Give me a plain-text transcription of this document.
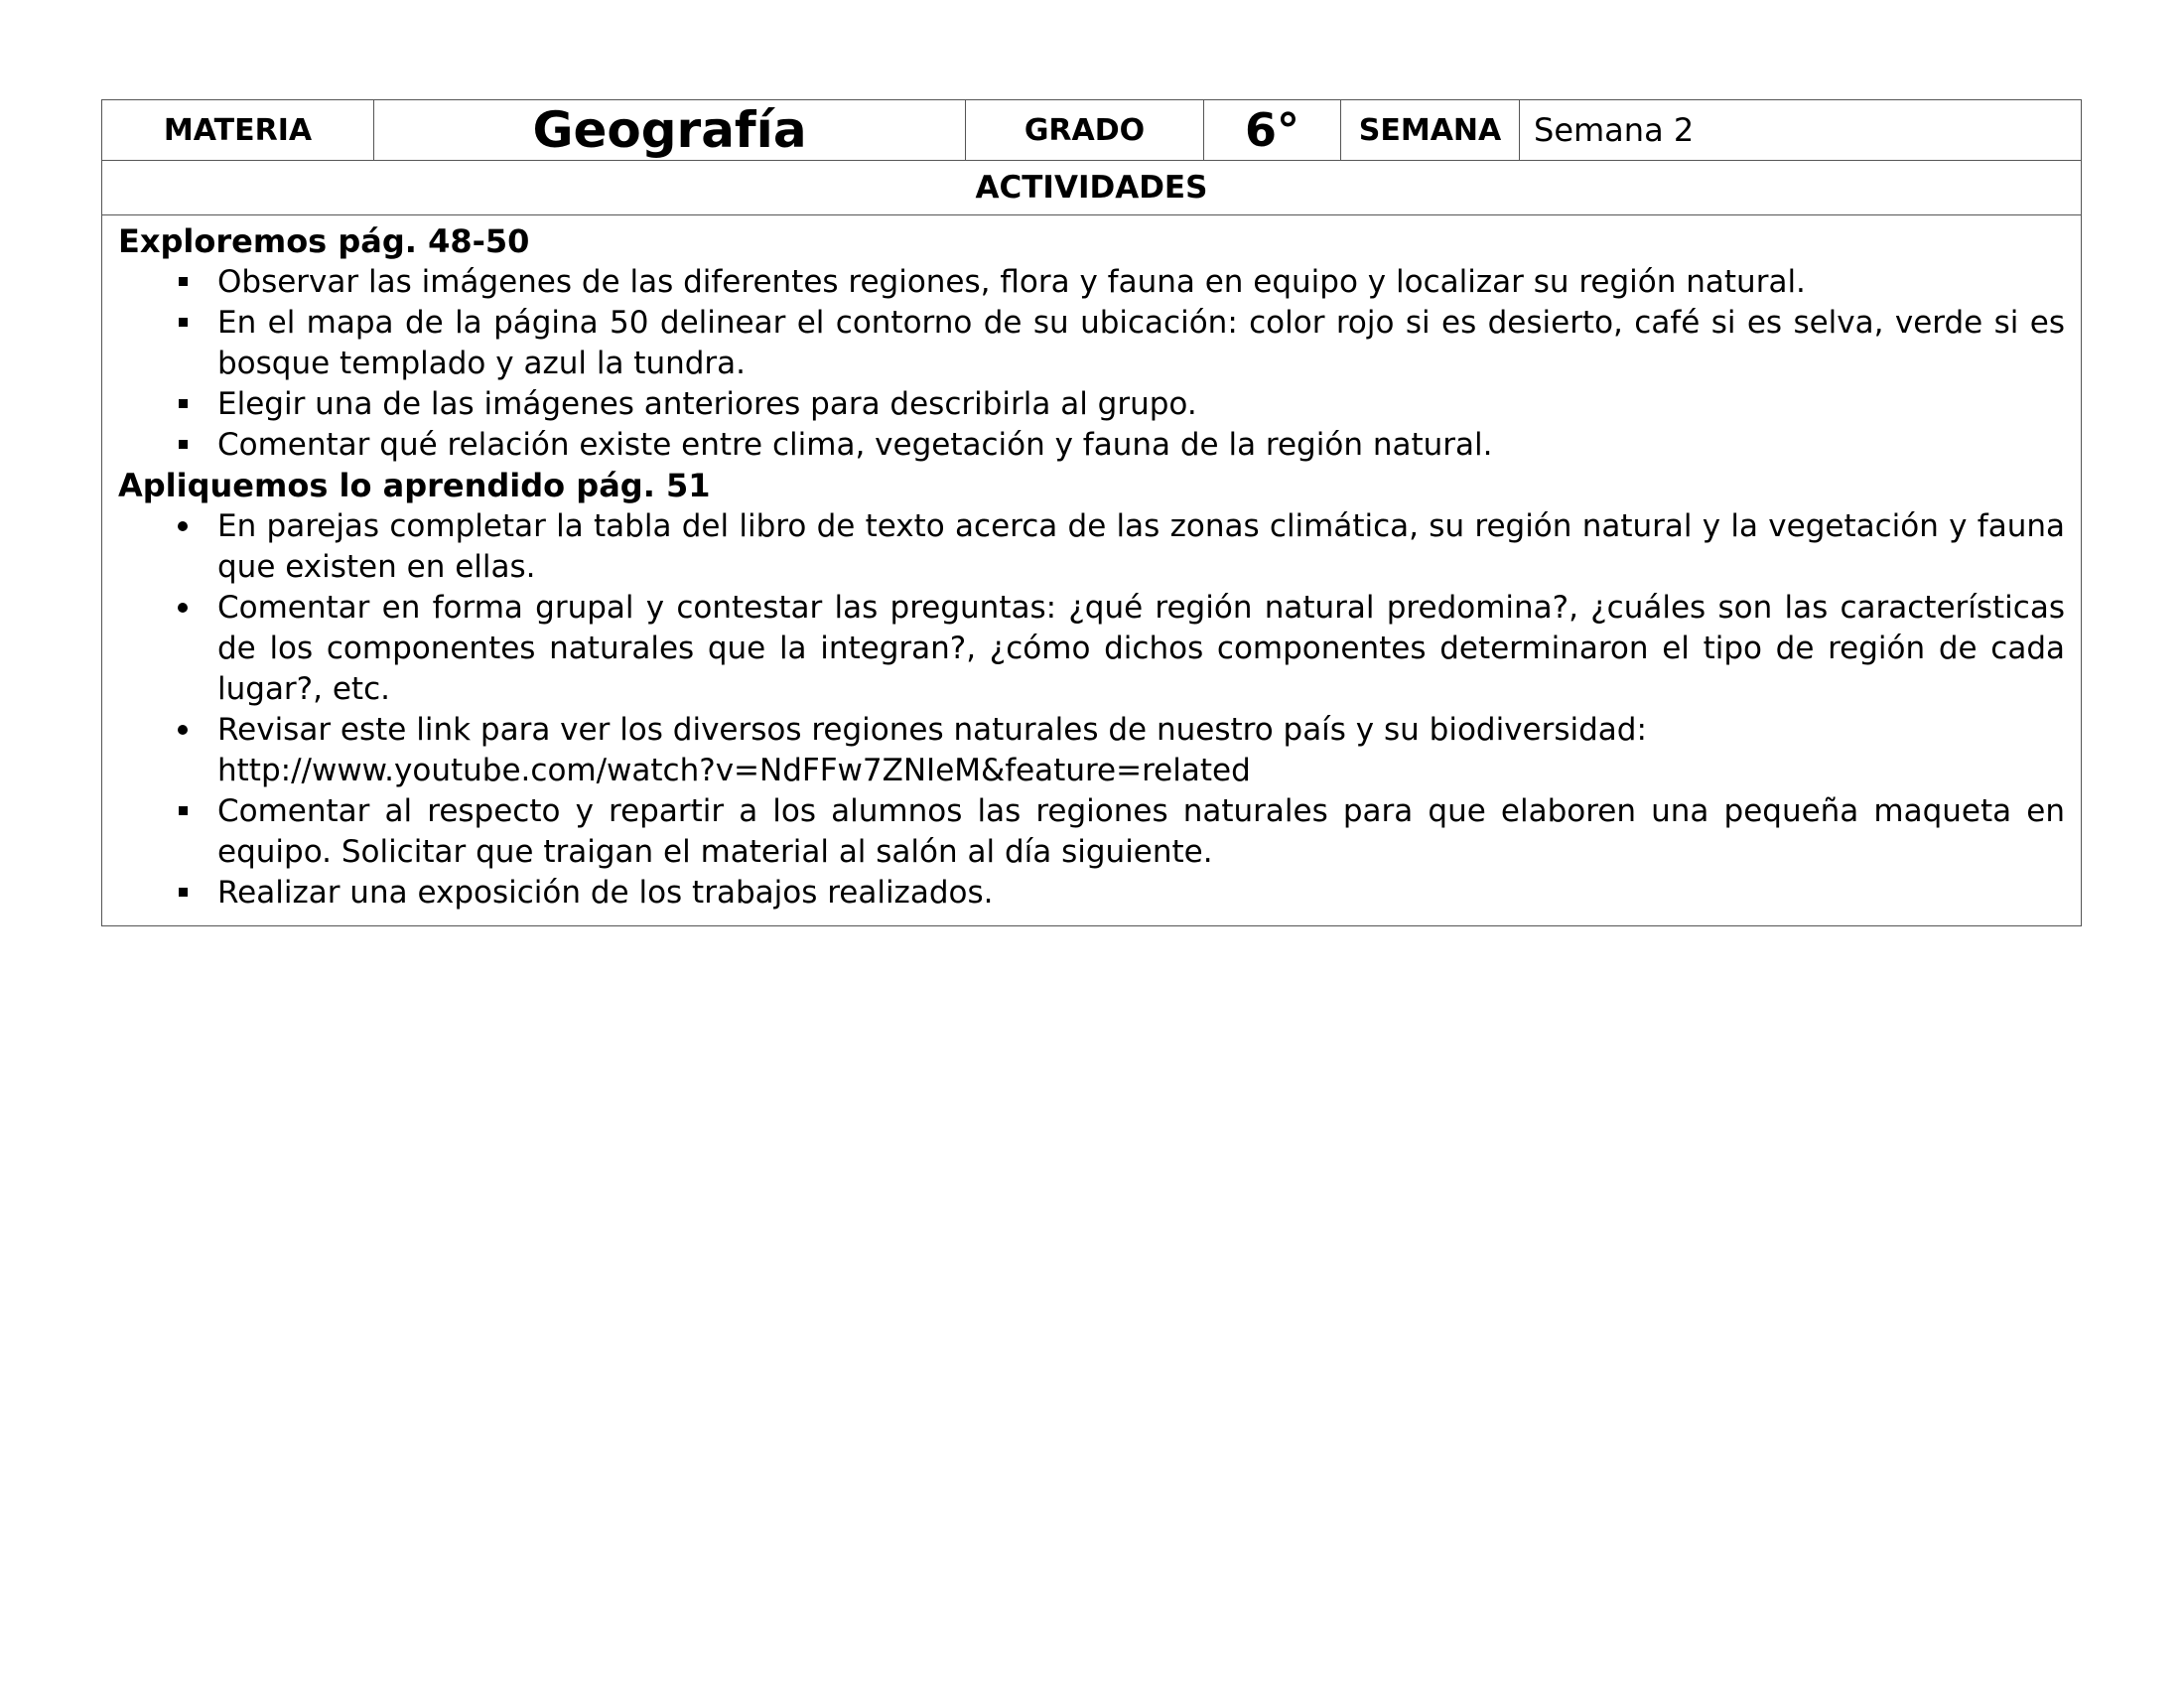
MATERIA	Geografía	GRADO	6°	SEMANA	Semana 2
ACTIVIDADES

Exploremos pág. 48-50
Observar las imágenes de las diferentes regiones, flora y fauna en equipo y localizar su región natural.
En el mapa de la página 50 delinear el contorno de su ubicación: color rojo si es desierto, café si es selva, verde si es bosque templado y azul la tundra.
Elegir una de las imágenes anteriores para describirla al grupo.
Comentar qué relación existe entre clima, vegetación y fauna de la región natural.
Apliquemos lo aprendido pág. 51
En parejas completar la tabla del libro de texto acerca de las zonas climática, su región natural y la vegetación y fauna que existen en ellas.
Comentar en forma grupal y contestar las preguntas: ¿qué región natural predomina?, ¿cuáles son las características de los componentes naturales que la integran?, ¿cómo dichos componentes determinaron el tipo de región de cada lugar?, etc.
Revisar este link para ver los diversos regiones naturales de nuestro país y su biodiversidad:
http://www.youtube.com/watch?v=NdFFw7ZNIeM&feature=related
Comentar al respecto y repartir a los alumnos las regiones naturales para que elaboren una pequeña maqueta en equipo. Solicitar que traigan el material al salón al día siguiente.
Realizar una exposición de los trabajos realizados.
